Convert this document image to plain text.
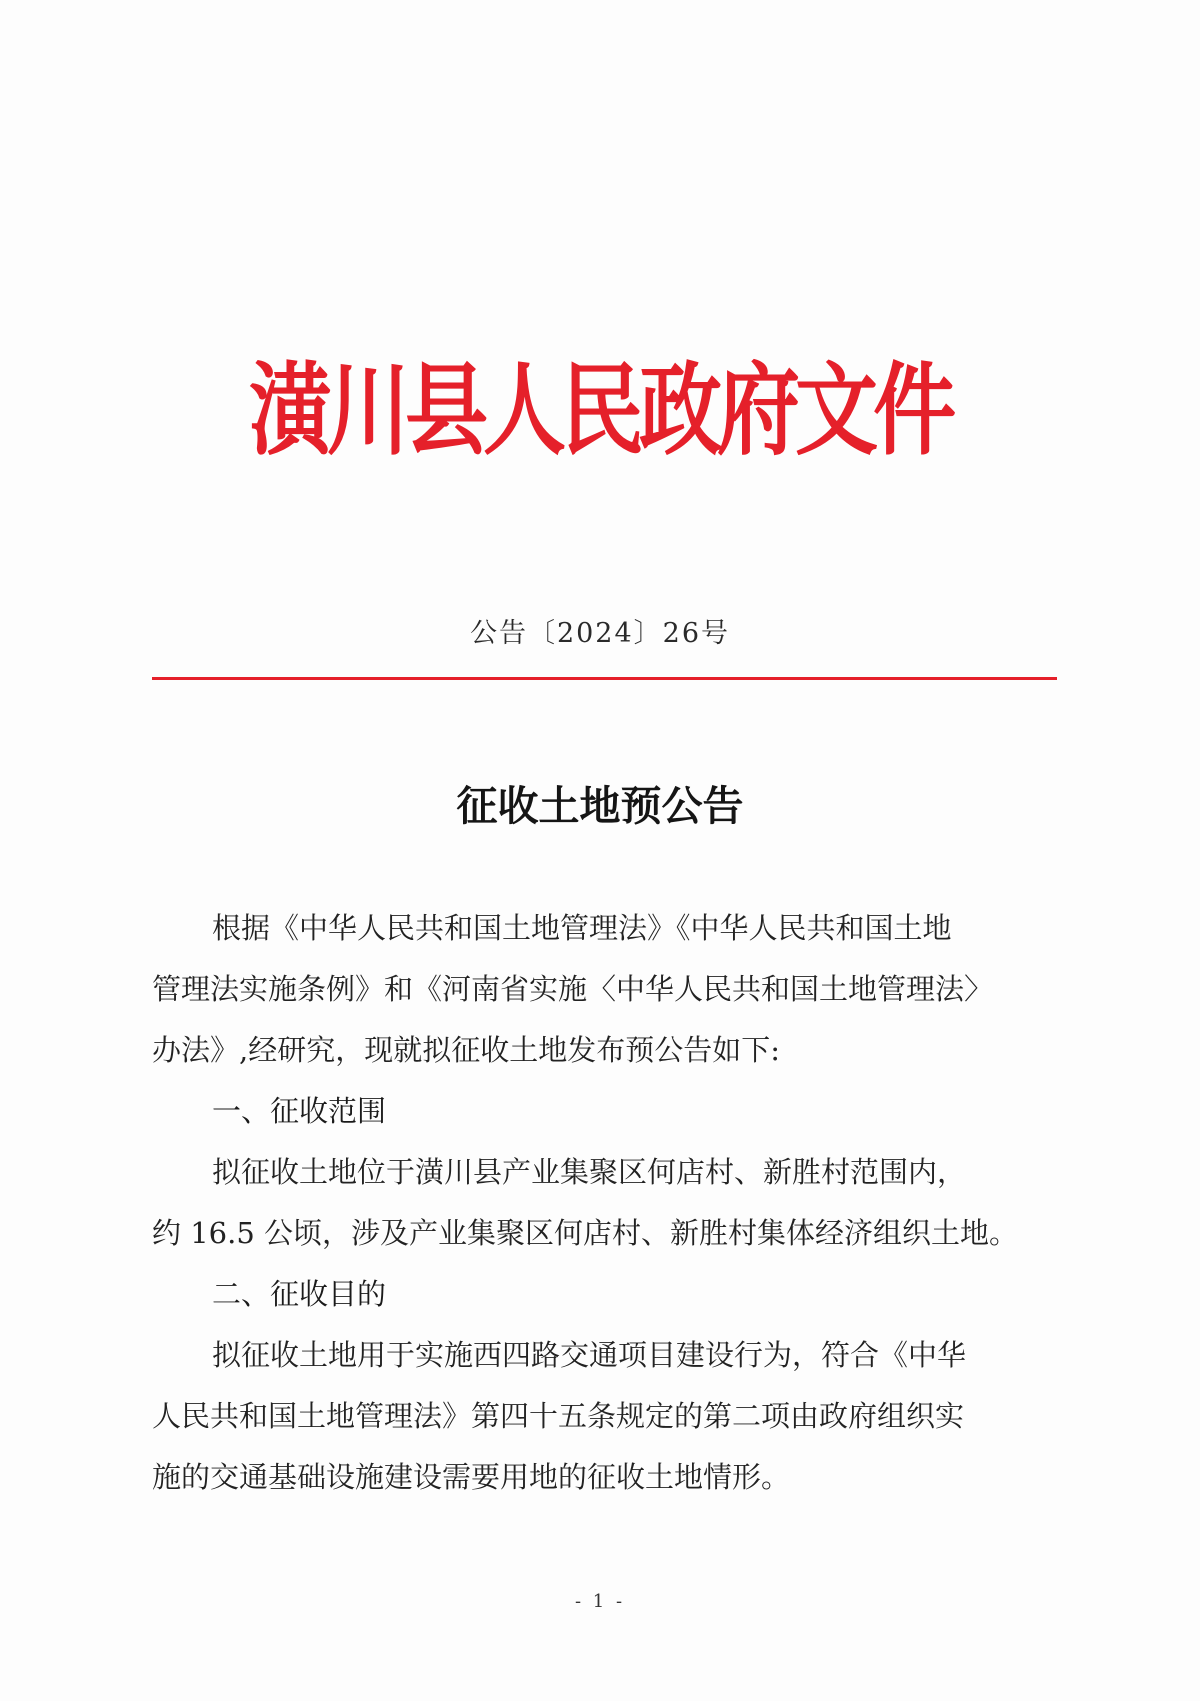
潢川县人民政府文件
公告〔2024〕26号
征收土地预公告
根据《中华人民共和国土地管理法》《中华人民共和国土地
管理法实施条例》和《河南省实施〈中华人民共和国土地管理法〉
办法》,经研究，现就拟征收土地发布预公告如下:
一、征收范围
拟征收土地位于潢川县产业集聚区何店村、新胜村范围内，
约 16.5 公顷，涉及产业集聚区何店村、新胜村集体经济组织土地。
二、征收目的
拟征收土地用于实施西四路交通项目建设行为，符合《中华
人民共和国土地管理法》第四十五条规定的第二项由政府组织实
施的交通基础设施建设需要用地的征收土地情形。
- 1 -
